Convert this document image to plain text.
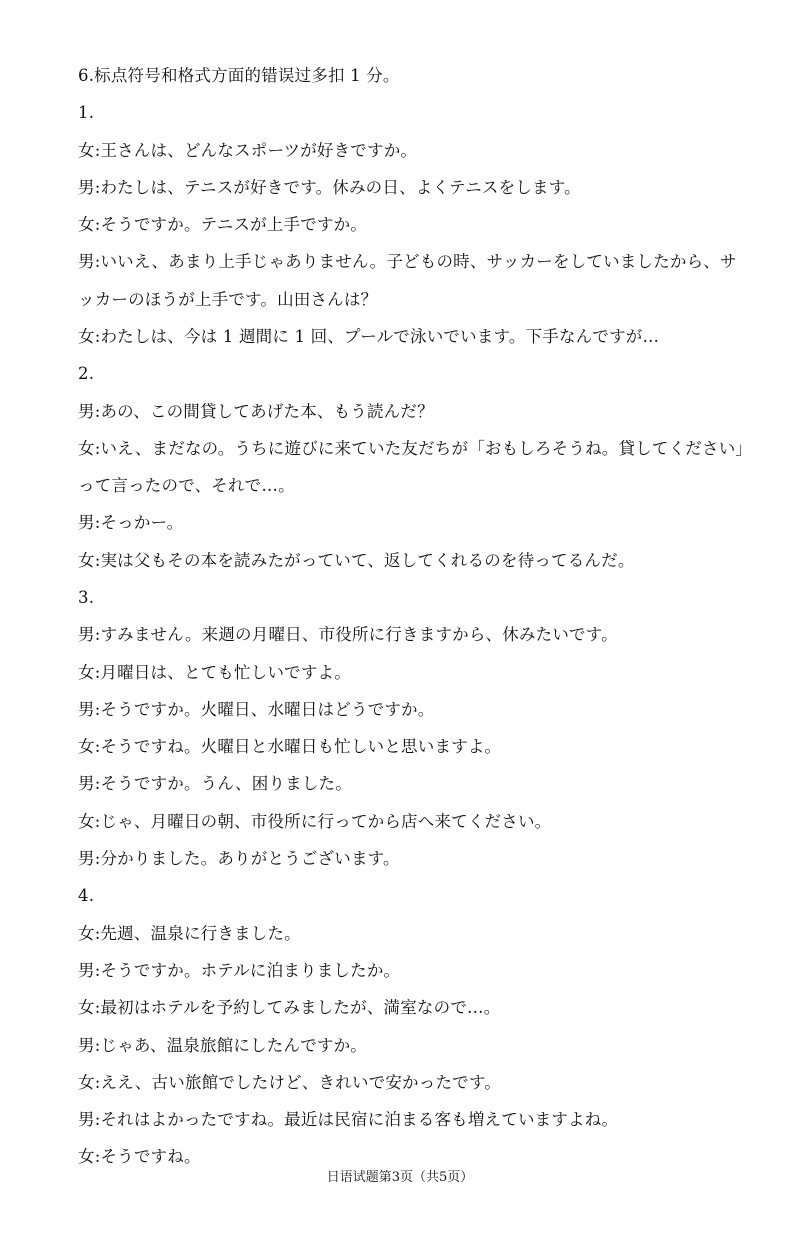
6.标点符号和格式方面的错误过多扣 1 分。
1.
女:王さんは、どんなスポーツが好きですか。
男:わたしは、テニスが好きです。休みの日、よくテニスをします。
女:そうですか。テニスが上手ですか。
男:いいえ、あまり上手じゃありません。子どもの時、サッカーをしていましたから、サ
ッカーのほうが上手です。山田さんは？
女:わたしは、今は 1 週間に 1 回、プールで泳いでいます。下手なんですが…
2.
男:あの、この間貸してあげた本、もう読んだ？
女:いえ、まだなの。うちに遊びに来ていた友だちが「おもしろそうね。貸してください」
って言ったので、それで…。
男:そっかー。
女:実は父もその本を読みたがっていて、返してくれるのを待ってるんだ。
3.
男:すみません。来週の月曜日、市役所に行きますから、休みたいです。
女:月曜日は、とても忙しいですよ。
男:そうですか。火曜日、水曜日はどうですか。
女:そうですね。火曜日と水曜日も忙しいと思いますよ。
男:そうですか。うん、困りました。
女:じゃ、月曜日の朝、市役所に行ってから店へ来てください。
男:分かりました。ありがとうございます。
4.
女:先週、温泉に行きました。
男:そうですか。ホテルに泊まりましたか。
女:最初はホテルを予約してみましたが、満室なので…。
男:じゃあ、温泉旅館にしたんですか。
女:ええ、古い旅館でしたけど、きれいで安かったです。
男:それはよかったですね。最近は民宿に泊まる客も増えていますよね。
女:そうですね。
日语试题第3页（共5页）
